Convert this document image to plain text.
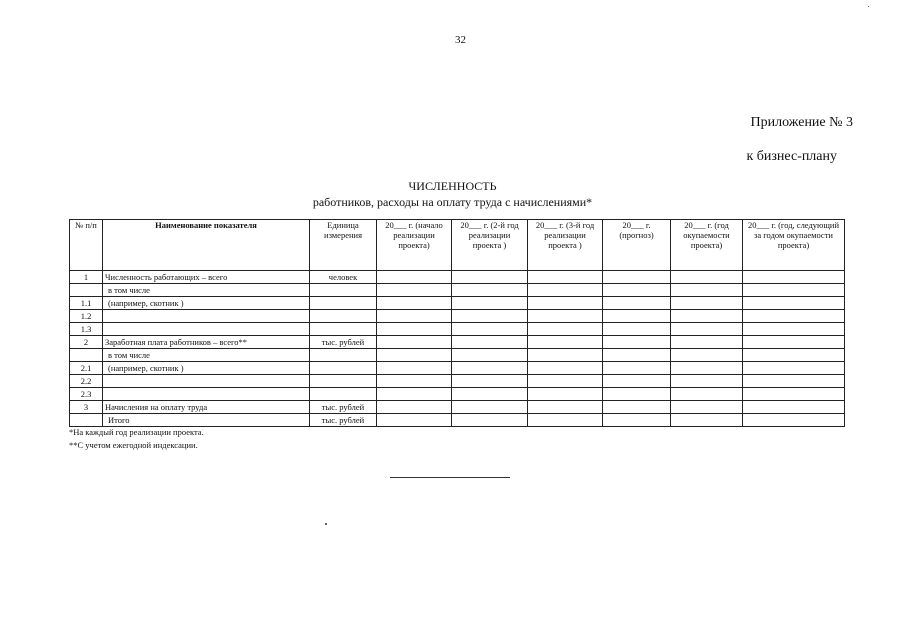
32
Приложение № 3
к бизнес-плану
ЧИСЛЕННОСТЬ
работников, расходы на оплату труда с начислениями*
№ п/п	Наименование показателя	Единица измерения	20___ г. (начало реализации проекта)	20___ г. (2-й год реализации проекта )	20___ г. (3-й год реализации проекта )	20___ г. (прогноз)	20___ г. (год окупаемости проекта)	20___ г. (год, следующий за годом окупаемости проекта)
1	Численность работающих – всего	человек						
	в том числе							
1.1	(например, скотник )							
1.2								
1.3								
2	Заработная плата работников – всего**	тыс. рублей						
	в том числе							
2.1	(например, скотник )							
2.2								
2.3								
3	Начисления на оплату труда	тыс. рублей						
	Итого	тыс. рублей						
*На каждый год реализации проекта.
**С учетом ежегодной индексации.
